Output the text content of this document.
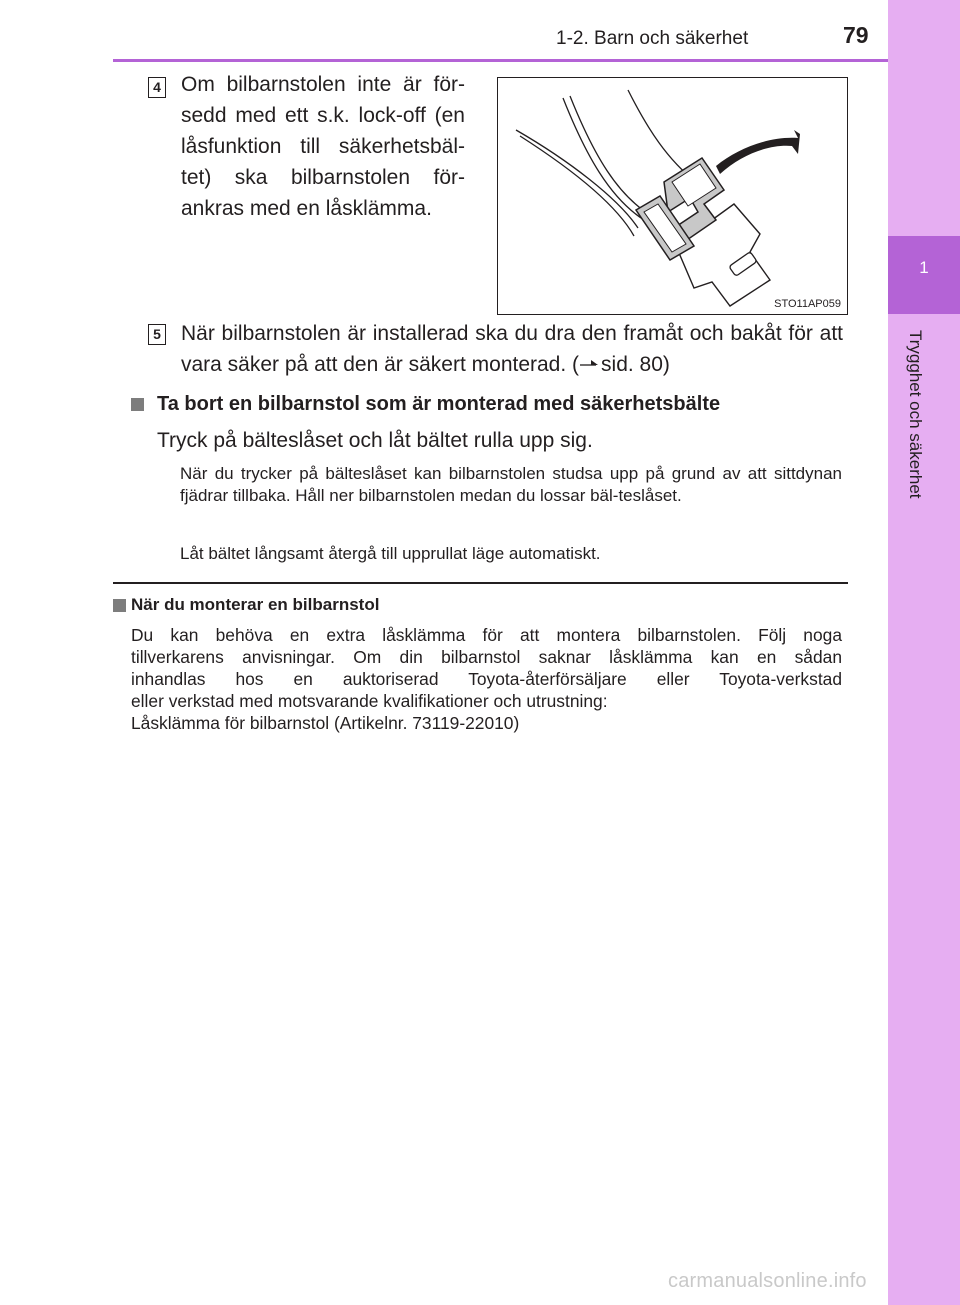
1
Trygghet och säkerhet
1-2. Barn och säkerhet	79
4 Om bilbarnstolen inte är för-sedd med ett s.k. lock-off (en låsfunktion till säkerhetsbäl-tet) ska bilbarnstolen för-ankras med en låsklämma.
STO11AP059
5 När bilbarnstolen är installerad ska du dra den framåt och bakåt för att vara säker på att den är säkert monterad. ( sid. 80)
Ta bort en bilbarnstol som är monterad med säkerhetsbälte
Tryck på bälteslåset och låt bältet rulla upp sig.
När du trycker på bälteslåset kan bilbarnstolen studsa upp på grund av att sittdynan fjädrar tillbaka. Håll ner bilbarnstolen medan du lossar bäl-teslåset.
Låt bältet långsamt återgå till upprullat läge automatiskt.
När du monterar en bilbarnstol
Du kan behöva en extra låsklämma för att montera bilbarnstolen. Följ noga
tillverkarens anvisningar. Om din bilbarnstol saknar låsklämma kan en sådan
inhandlas hos en auktoriserad Toyota-återförsäljare eller Toyota-verkstad
eller verkstad med motsvarande kvalifikationer och utrustning:
Låsklämma för bilbarnstol (Artikelnr. 73119-22010)
carmanualsonline.info
